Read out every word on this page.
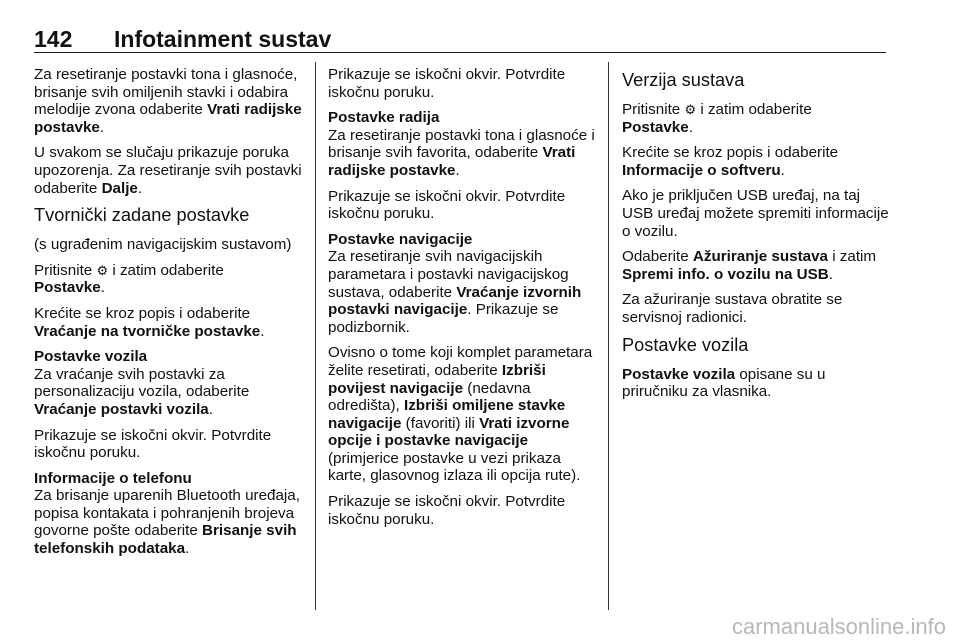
142 Infotainment sustav

Za resetiranje postavki tona i glasnoće, brisanje svih omiljenih stavki i odabira melodije zvona odaberite Vrati radijske postavke.

U svakom se slučaju prikazuje poruka upozorenja. Za resetiranje svih postavki odaberite Dalje.

Tvornički zadane postavke

(s ugrađenim navigacijskim sustavom)

Pritisnite ⚙ i zatim odaberite
Postavke.

Krećite se kroz popis i odaberite Vraćanje na tvorničke postavke.

Postavke vozila

Za vraćanje svih postavki za personalizaciju vozila, odaberite Vraćanje postavki vozila.

Prikazuje se iskočni okvir. Potvrdite iskočnu poruku.

Informacije o telefonu

Za brisanje uparenih Bluetooth uređaja, popisa kontakata i pohranjenih brojeva govorne pošte odaberite Brisanje svih telefonskih podataka.

Prikazuje se iskočni okvir. Potvrdite iskočnu poruku.

Postavke radija

Za resetiranje postavki tona i glasnoće i brisanje svih favorita, odaberite Vrati radijske postavke.

Prikazuje se iskočni okvir. Potvrdite iskočnu poruku.

Postavke navigacije

Za resetiranje svih navigacijskih parametara i postavki navigacijskog sustava, odaberite Vraćanje izvornih postavki navigacije. Prikazuje se podizbornik.

Ovisno o tome koji komplet parametara želite resetirati, odaberite Izbriši povijest navigacije (nedavna odredišta), Izbriši omiljene stavke navigacije (favoriti) ili Vrati izvorne opcije i postavke navigacije (primjerice postavke u vezi prikaza karte, glasovnog izlaza ili opcija rute).

Prikazuje se iskočni okvir. Potvrdite iskočnu poruku.

Verzija sustava

Pritisnite ⚙ i zatim odaberite
Postavke.

Krećite se kroz popis i odaberite Informacije o softveru.

Ako je priključen USB uređaj, na taj USB uređaj možete spremiti informacije o vozilu.

Odaberite Ažuriranje sustava i zatim Spremi info. o vozilu na USB.

Za ažuriranje sustava obratite se servisnoj radionici.

Postavke vozila

Postavke vozila opisane su u priručniku za vlasnika.

carmanualsonline.info
